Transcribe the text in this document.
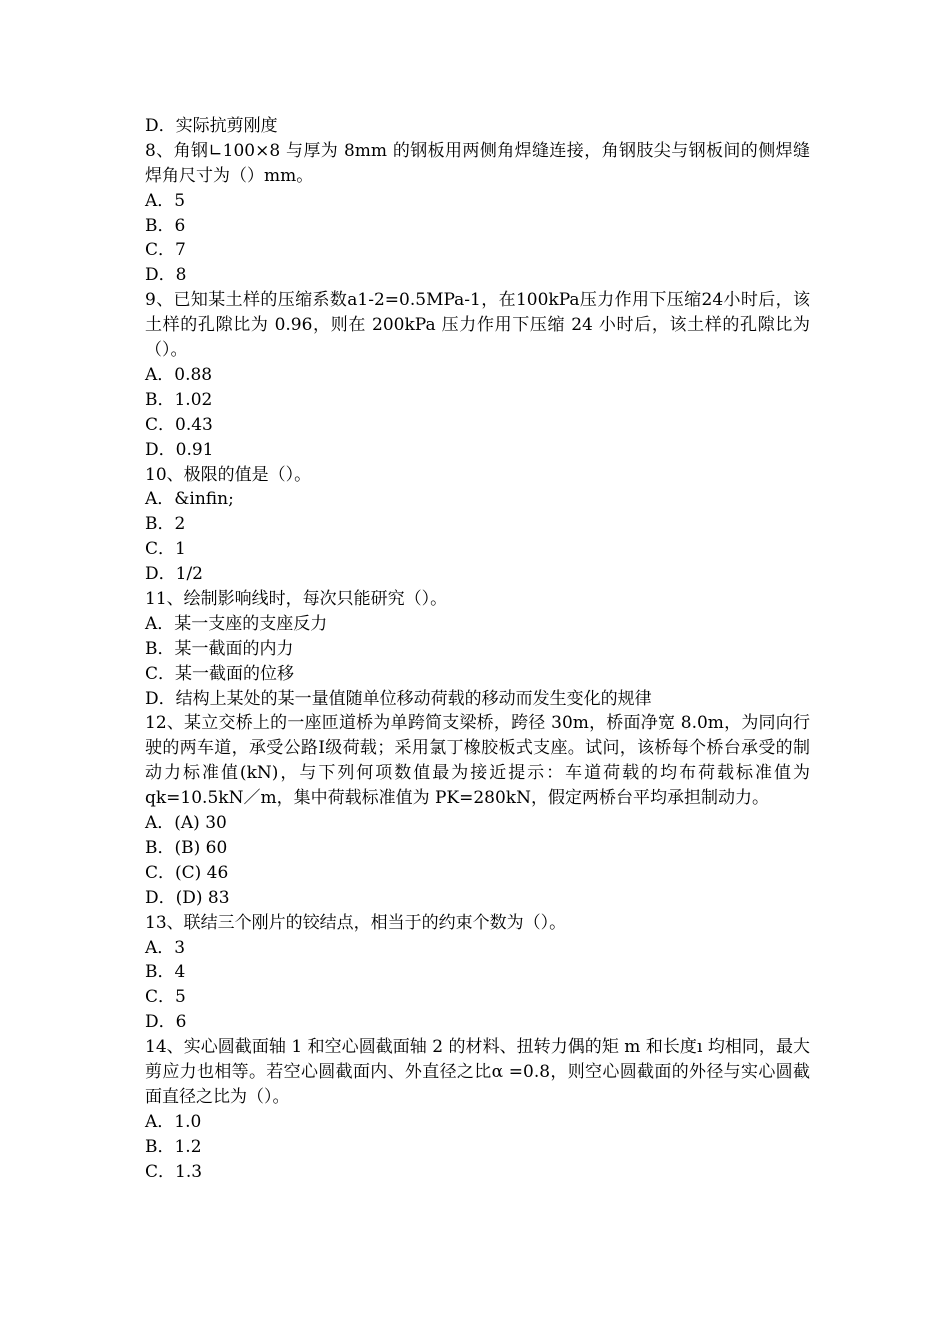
D．实际抗剪刚度
8、角钢∟100×8 与厚为 8mm 的钢板用两侧角焊缝连接，角钢肢尖与钢板间的侧焊缝焊角尺寸为（）mm。
A．5
B．6
C．7
D．8
9、已知某土样的压缩系数a1-2=0.5MPa-1，在100kPa压力作用下压缩24小时后，该土样的孔隙比为 0.96，则在 200kPa 压力作用下压缩 24 小时后，该土样的孔隙比为（）。
A．0.88
B．1.02
C．0.43
D．0.91
10、极限的值是（）。
A．&infin;
B．2
C．1
D．1/2
11、绘制影响线时，每次只能研究（）。
A．某一支座的支座反力
B．某一截面的内力
C．某一截面的位移
D．结构上某处的某一量值随单位移动荷载的移动而发生变化的规律
12、某立交桥上的一座匝道桥为单跨简支梁桥，跨径 30m，桥面净宽 8.0m，为同向行驶的两车道，承受公路Ⅰ级荷载；采用氯丁橡胶板式支座。试问，该桥每个桥台承受的制动力标准值(kN)，与下列何项数值最为接近提示：车道荷载的均布荷载标准值为 qk=10.5kN／m，集中荷载标准值为 PK=280kN，假定两桥台平均承担制动力。
A．(A) 30
B．(B) 60
C．(C) 46
D．(D) 83
13、联结三个刚片的铰结点，相当于的约束个数为（）。
A．3
B．4
C．5
D．6
14、实心圆截面轴 1 和空心圆截面轴 2 的材料、扭转力偶的矩 m 和长度ı 均相同，最大剪应力也相等。若空心圆截面内、外直径之比α =0.8，则空心圆截面的外径与实心圆截面直径之比为（）。
A．1.0
B．1.2
C．1.3
